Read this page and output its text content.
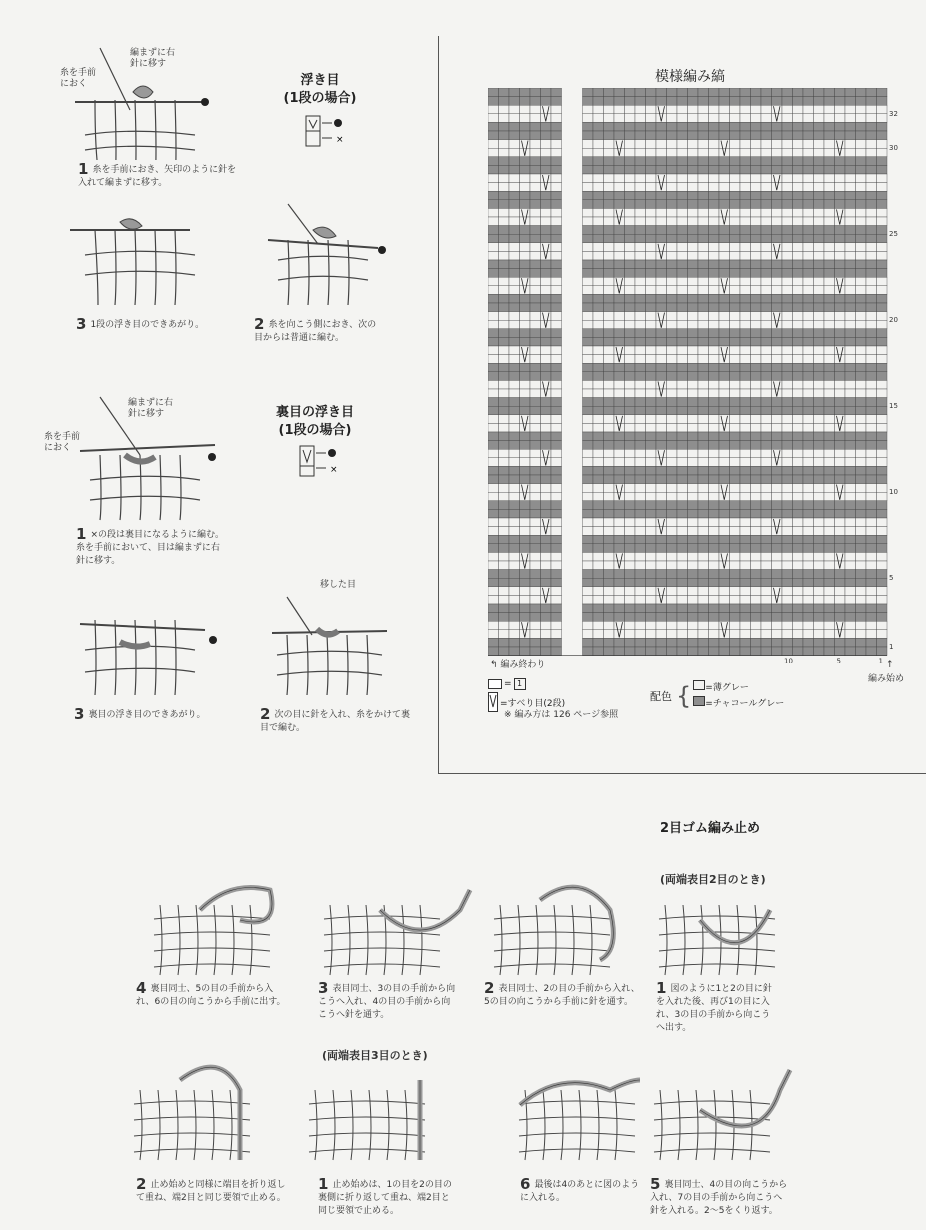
浮き目
(1段の場合)
×
編まずに右針に移す
糸を手前におく
1 糸を手前におき、矢印のように針を入れて編まずに移す。
3 1段の浮き目のできあがり。	2 糸を向こう側におき、次の目からは普通に編む。
裏目の浮き目
(1段の場合)
×
編まずに右針に移す
糸を手前におく
1 ×の段は裏目になるように編む。糸を手前において、目は編まずに右針に移す。
3 裏目の浮き目のできあがり。
移した目
2 次の目に針を入れ、糸をかけて裏目で編む。
模様編み縞
32
30
25
20
15
10
5
1
10	5	1
↰ 編み終わり
編み始め
↑
= 1
=すべり目(2段)
※ 編み方は 126 ページ参照
配色 {	=薄グレー
=チャコールグレー
2目ゴム編み止め
(両端表目2目のとき)
(両端表目3目のとき)
4 裏目同士、5の目の手前から入れ、6の目の向こうから手前に出す。
3 表目同士、3の目の手前から向こうへ入れ、4の目の手前から向こうへ針を通す。
2 表目同士、2の目の手前から入れ、5の目の向こうから手前に針を通す。
1 図のように1と2の目に針を入れた後、再び1の目に入れ、3の目の手前から向こうへ出す。
2 止め始めと同様に端目を折り返して重ね、端2目と同じ要領で止める。
1 止め始めは、1の目を2の目の裏側に折り返して重ね、端2目と同じ要領で止める。
6 最後は4のあとに図のように入れる。
5 裏目同士、4の目の向こうから入れ、7の目の手前から向こうへ針を入れる。2〜5をくり返す。
